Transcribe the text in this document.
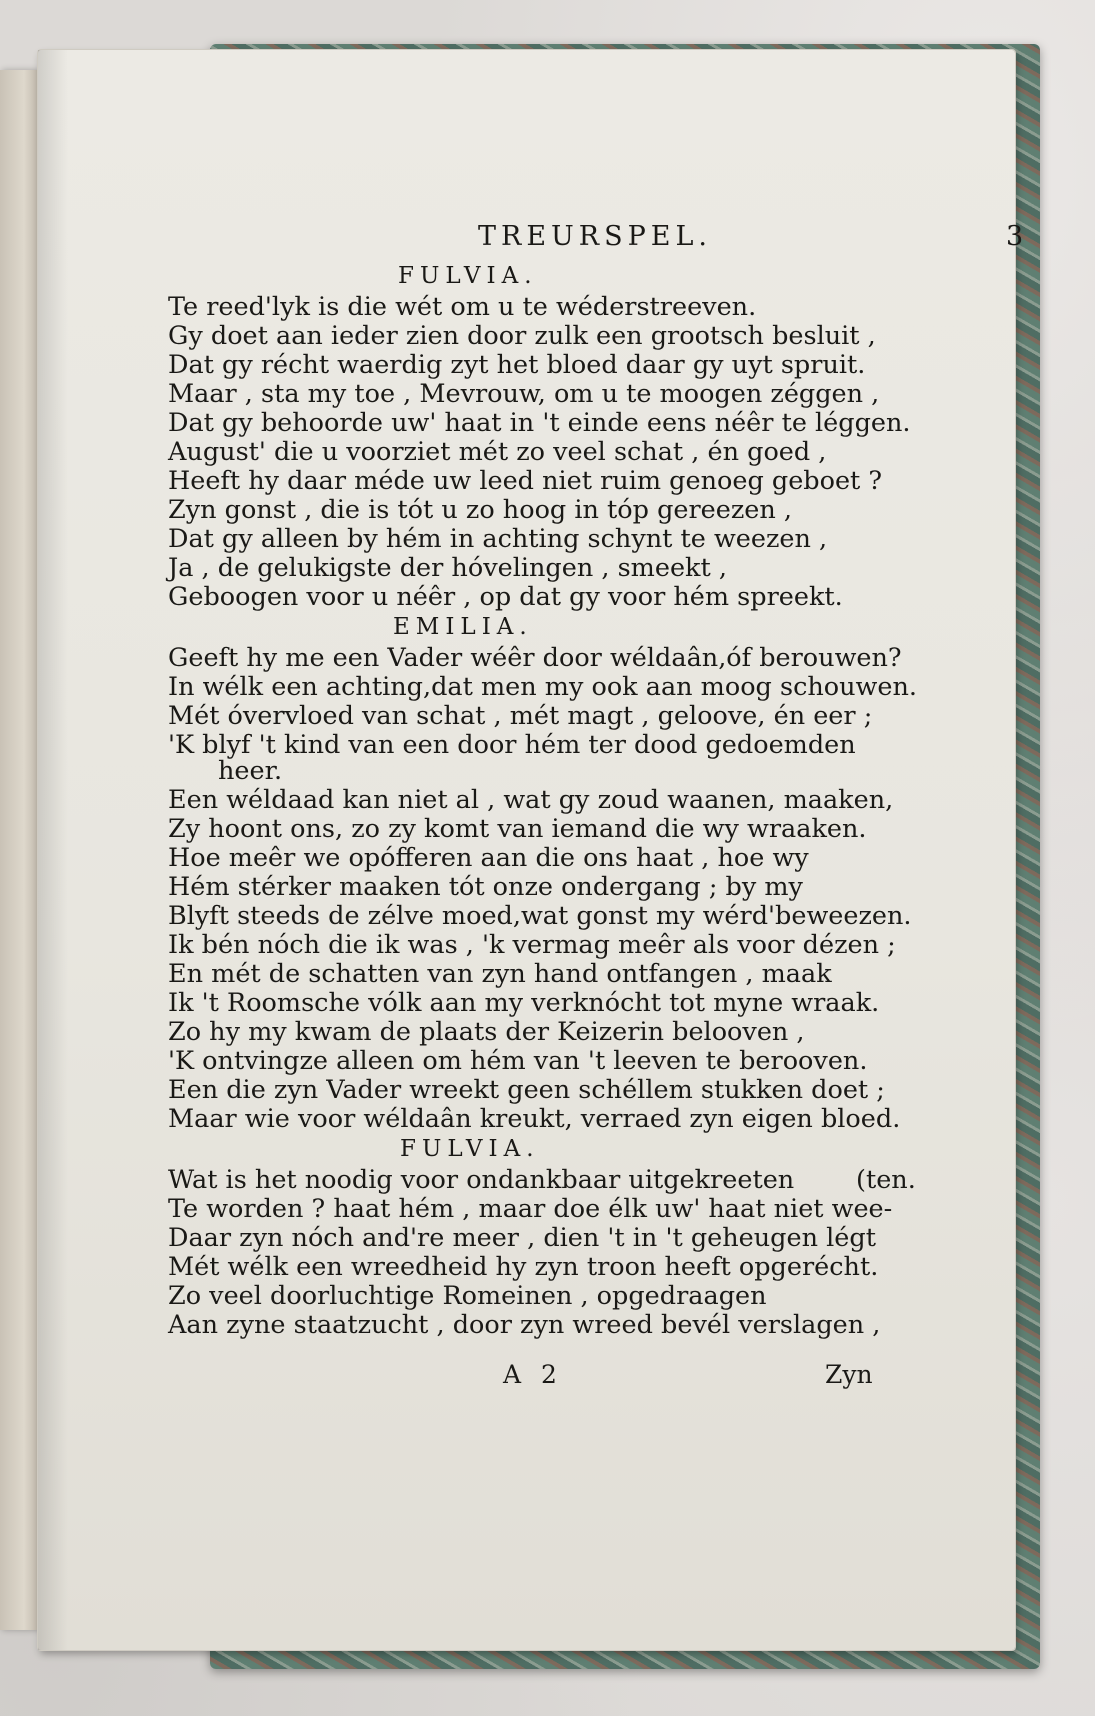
TREURSPEL.	3
FULVIA.
Te reed'lyk is die wét om u te wéderstreeven.
Gy doet aan ieder zien door zulk een grootsch besluit ,
Dat gy récht waerdig zyt het bloed daar gy uyt spruit.
Maar , sta my toe , Mevrouw, om u te moogen zéggen ,
Dat gy behoorde uw' haat in 't einde eens néêr te léggen.
August' die u voorziet mét zo veel schat , én goed ,
Heeft hy daar méde uw leed niet ruim genoeg geboet ?
Zyn gonst , die is tót u zo hoog in tóp gereezen ,
Dat gy alleen by hém in achting schynt te weezen ,
Ja , de gelukigste der hóvelingen , smeekt ,
Geboogen voor u néêr , op dat gy voor hém spreekt.
EMILIA.
Geeft hy me een Vader wéêr door wéldaân,óf berouwen?
In wélk een achting,dat men my ook aan moog schouwen.
Mét óvervloed van schat , mét magt , geloove, én eer ;
'K blyf 't kind van een door hém ter dood gedoemden
heer.
Een wéldaad kan niet al , wat gy zoud waanen, maaken,
Zy hoont ons, zo zy komt van iemand die wy wraaken.
Hoe meêr we opófferen aan die ons haat , hoe wy
Hém stérker maaken tót onze ondergang ; by my
Blyft steeds de zélve moed,wat gonst my wérd'beweezen.
Ik bén nóch die ik was , 'k vermag meêr als voor dézen ;
En mét de schatten van zyn hand ontfangen , maak
Ik 't Roomsche vólk aan my verknócht tot myne wraak.
Zo hy my kwam de plaats der Keizerin belooven ,
'K ontvingze alleen om hém van 't leeven te berooven.
Een die zyn Vader wreekt geen schéllem stukken doet ;
Maar wie voor wéldaân kreukt, verraed zyn eigen bloed.
FULVIA.
Wat is het noodig voor ondankbaar uitgekreeten (ten.
Te worden ? haat hém , maar doe élk uw' haat niet wee-
Daar zyn nóch and're meer , dien 't in 't geheugen légt
Mét wélk een wreedheid hy zyn troon heeft opgerécht.
Zo veel doorluchtige Romeinen , opgedraagen
Aan zyne staatzucht , door zyn wreed bevél verslagen ,
A 2	Zyn
